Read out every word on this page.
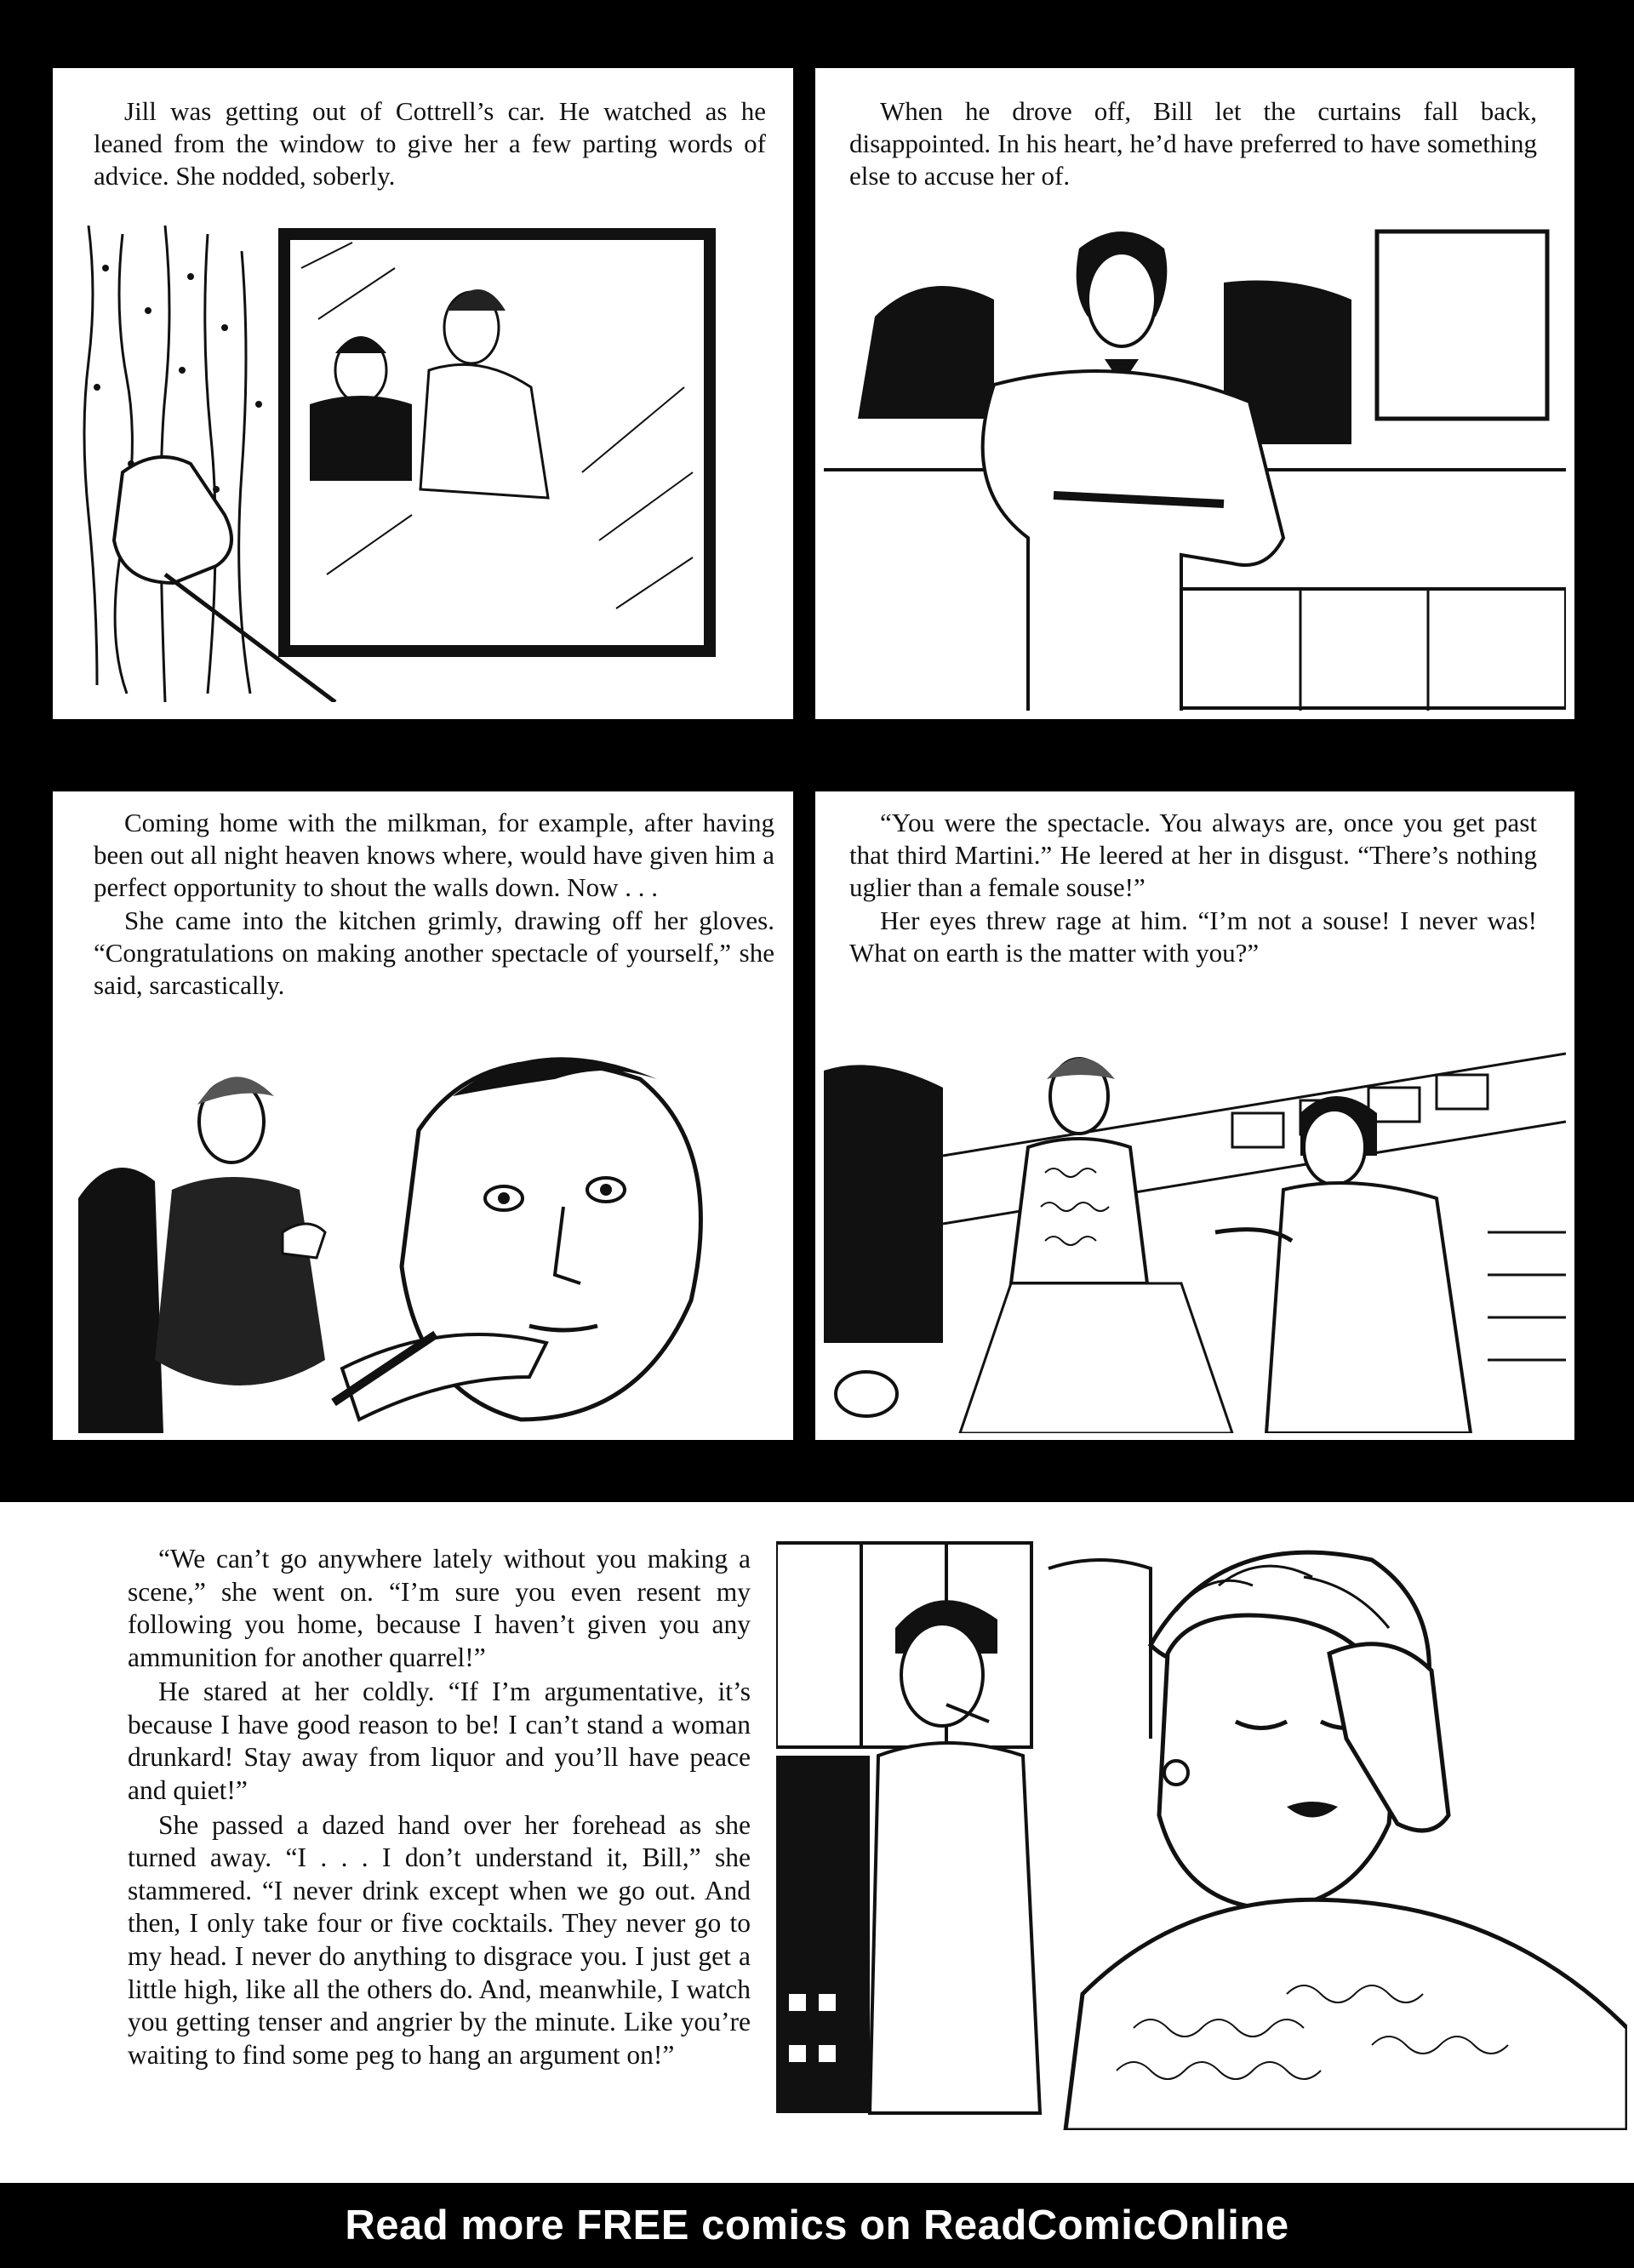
Jill was getting out of Cottrell’s car. He watched as he leaned from the window to give her a few parting words of advice. She nodded, soberly.

When he drove off, Bill let the curtains fall back, disappointed. In his heart, he’d have preferred to have something else to accuse her of.

Coming home with the milkman, for example, after having been out all night heaven knows where, would have given him a perfect opportunity to shout the walls down. Now . . .

She came into the kitchen grimly, drawing off her gloves. “Congratulations on making another spectacle of yourself,” she said, sarcastically.

“You were the spectacle. You always are, once you get past that third Martini.” He leered at her in disgust. “There’s nothing uglier than a female souse!”

Her eyes threw rage at him. “I’m not a souse! I never was! What on earth is the matter with you?”

“We can’t go anywhere lately without you making a scene,” she went on. “I’m sure you even resent my following you home, because I haven’t given you any ammunition for another quarrel!”

He stared at her coldly. “If I’m argumentative, it’s because I have good reason to be! I can’t stand a woman drunkard! Stay away from liquor and you’ll have peace and quiet!”

She passed a dazed hand over her forehead as she turned away. “I . . . I don’t understand it, Bill,” she stammered. “I never drink except when we go out. And then, I only take four or five cocktails. They never go to my head. I never do anything to disgrace you. I just get a little high, like all the others do. And, meanwhile, I watch you getting tenser and angrier by the minute. Like you’re waiting to find some peg to hang an argument on!”

Read more FREE comics on ReadComicOnline
